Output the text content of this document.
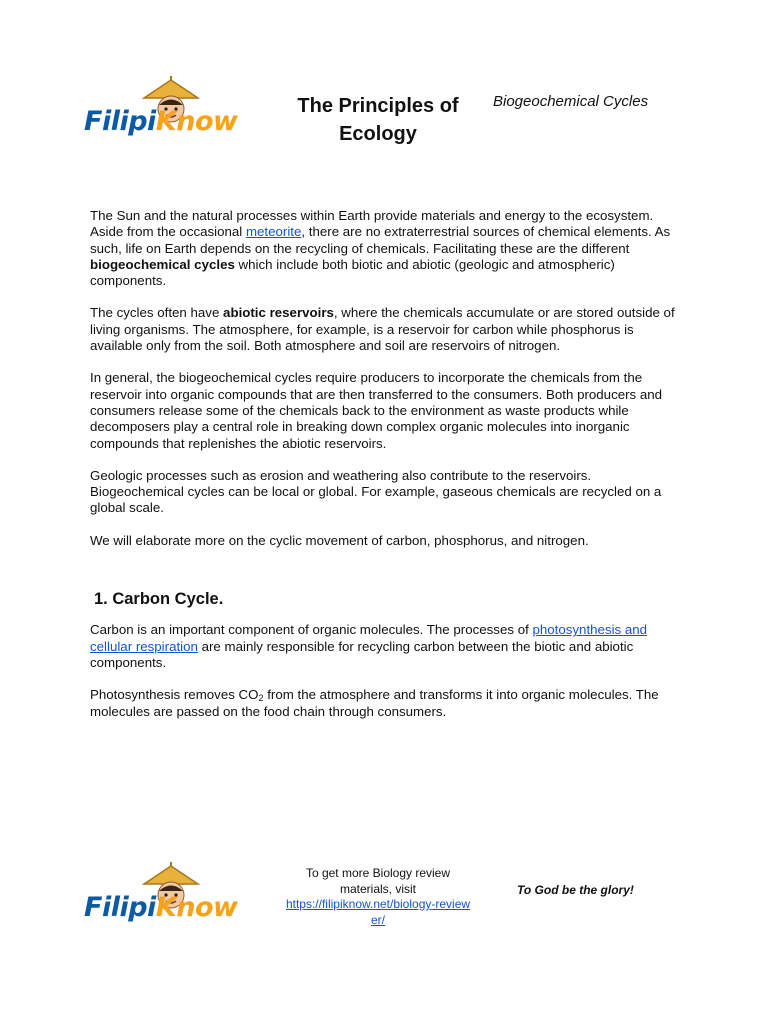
FilipiKnow	The Principles of Ecology

Biogeochemical Cycles

The Sun and the natural processes within Earth provide materials and energy to the ecosystem. Aside from the occasional meteorite, there are no extraterrestrial sources of chemical elements. As such, life on Earth depends on the recycling of chemicals. Facilitating these are the different biogeochemical cycles which include both biotic and abiotic (geologic and atmospheric) components.

The cycles often have abiotic reservoirs, where the chemicals accumulate or are stored outside of living organisms. The atmosphere, for example, is a reservoir for carbon while phosphorus is available only from the soil. Both atmosphere and soil are reservoirs of nitrogen.

In general, the biogeochemical cycles require producers to incorporate the chemicals from the reservoir into organic compounds that are then transferred to the consumers. Both producers and consumers release some of the chemicals back to the environment as waste products while decomposers play a central role in breaking down complex organic molecules into inorganic compounds that replenishes the abiotic reservoirs.

Geologic processes such as erosion and weathering also contribute to the reservoirs. Biogeochemical cycles can be local or global. For example, gaseous chemicals are recycled on a global scale.

We will elaborate more on the cyclic movement of carbon, phosphorus, and nitrogen.

1. Carbon Cycle.

Carbon is an important component of organic molecules. The processes of photosynthesis and cellular respiration are mainly responsible for recycling carbon between the biotic and abiotic components.

Photosynthesis removes $CO_2$ from the atmosphere and transforms it into organic molecules. The molecules are passed on the food chain through consumers.

FilipiKnow
To get more Biology review materials, visit
https://filipiknow.net/biology-reviewer/
To God be the glory!
